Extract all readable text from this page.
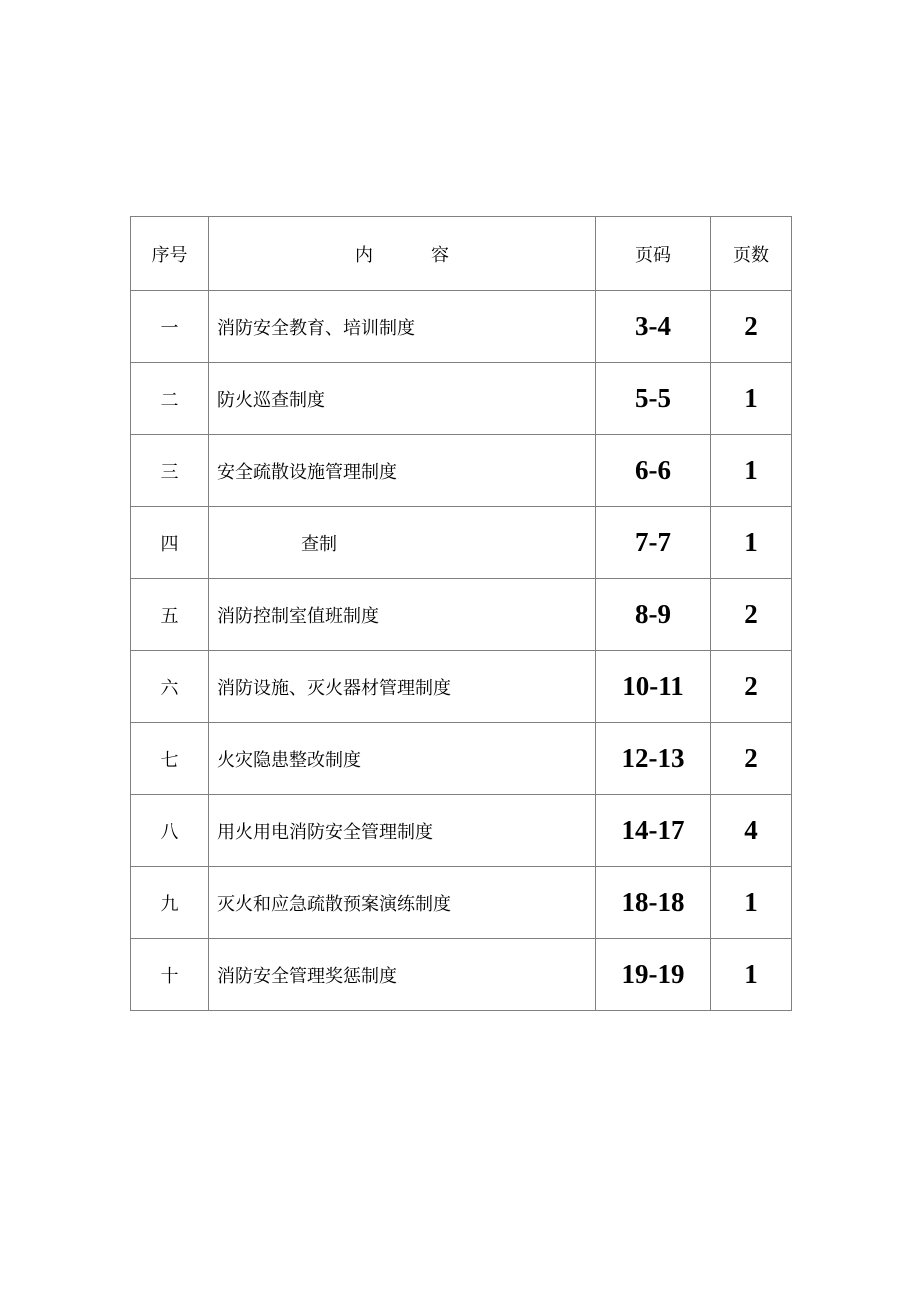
序号	内 容	页码	页数
一	消防安全教育、培训制度	3-4	2
二	防火巡查制度	5-5	1
三	安全疏散设施管理制度	6-6	1
四	查制	7-7	1
五	消防控制室值班制度	8-9	2
六	消防设施、灭火器材管理制度	10-11	2
七	火灾隐患整改制度	12-13	2
八	用火用电消防安全管理制度	14-17	4
九	灭火和应急疏散预案演练制度	18-18	1
十	消防安全管理奖惩制度	19-19	1
